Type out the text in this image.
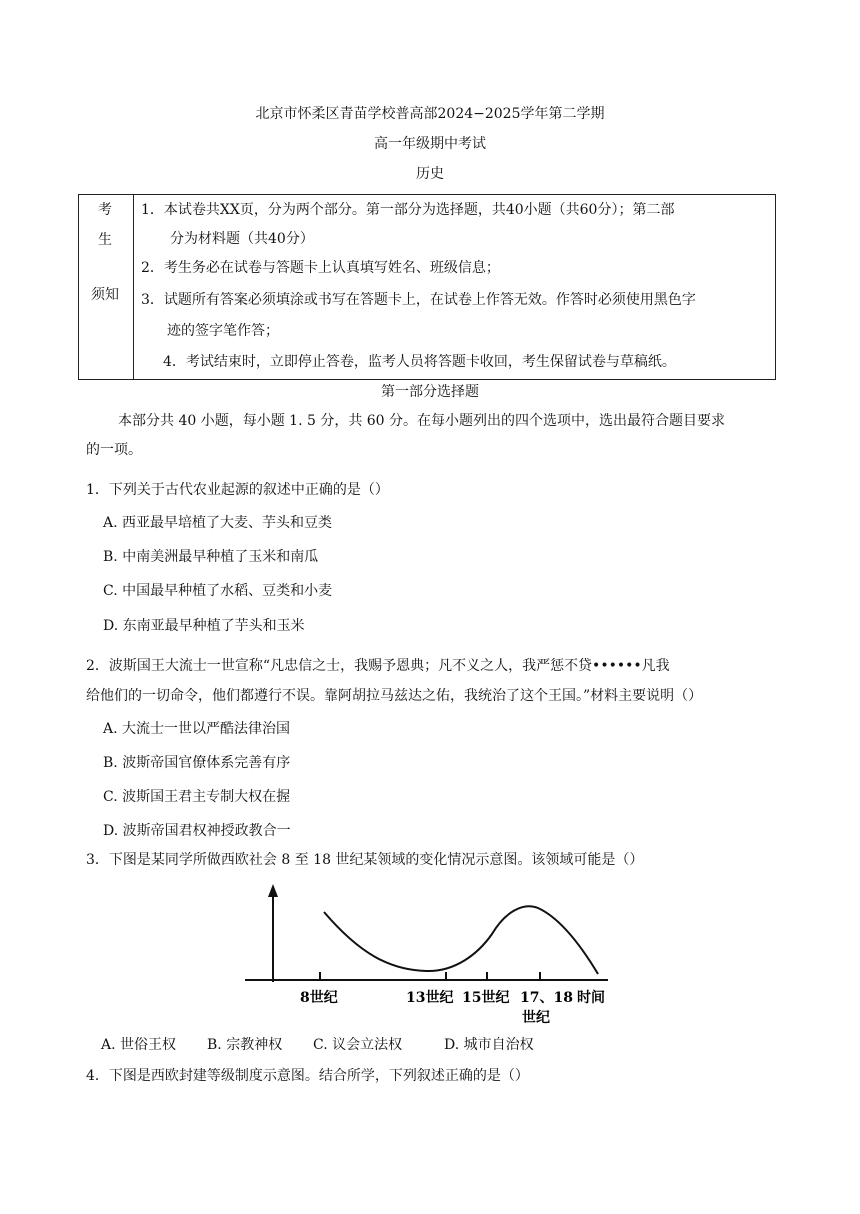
北京市怀柔区青苗学校普高部2024−2025学年第二学期
高一年级期中考试
历史
考
生
须知
1．本试卷共XX页，分为两个部分。第一部分为选择题，共40小题（共60分）；第二部
分为材料题（共40分）
2．考生务必在试卷与答题卡上认真填写姓名、班级信息；
3．试题所有答案必须填涂或书写在答题卡上，在试卷上作答无效。作答时必须使用黑色字
迹的签字笔作答；
4．考试结束时，立即停止答卷，监考人员将答题卡收回，考生保留试卷与草稿纸。
第一部分选择题
本部分共 40 小题，每小题 1. 5 分，共 60 分。在每小题列出的四个选项中，选出最符合题目要求
的一项。
1．下列关于古代农业起源的叙述中正确的是（）
A. 西亚最早培植了大麦、芋头和豆类
B. 中南美洲最早种植了玉米和南瓜
C. 中国最早种植了水稻、豆类和小麦
D. 东南亚最早种植了芋头和玉米
2．波斯国王大流士一世宣称“凡忠信之士，我赐予恩典；凡不义之人，我严惩不贷••••••凡我
给他们的一切命令，他们都遵行不误。靠阿胡拉马兹达之佑，我统治了这个王国。”材料主要说明（）
A. 大流士一世以严酷法律治国
B. 波斯帝国官僚体系完善有序
C. 波斯国王君主专制大权在握
D. 波斯帝国君权神授政教合一
3．下图是某同学所做西欧社会 8 至 18 世纪某领域的变化情况示意图。该领域可能是（）
8世纪	13世纪 15世纪 17、18
世纪
时间
A. 世俗王权 B. 宗教神权 C. 议会立法权	D. 城市自治权
4．下图是西欧封建等级制度示意图。结合所学，下列叙述正确的是（）
